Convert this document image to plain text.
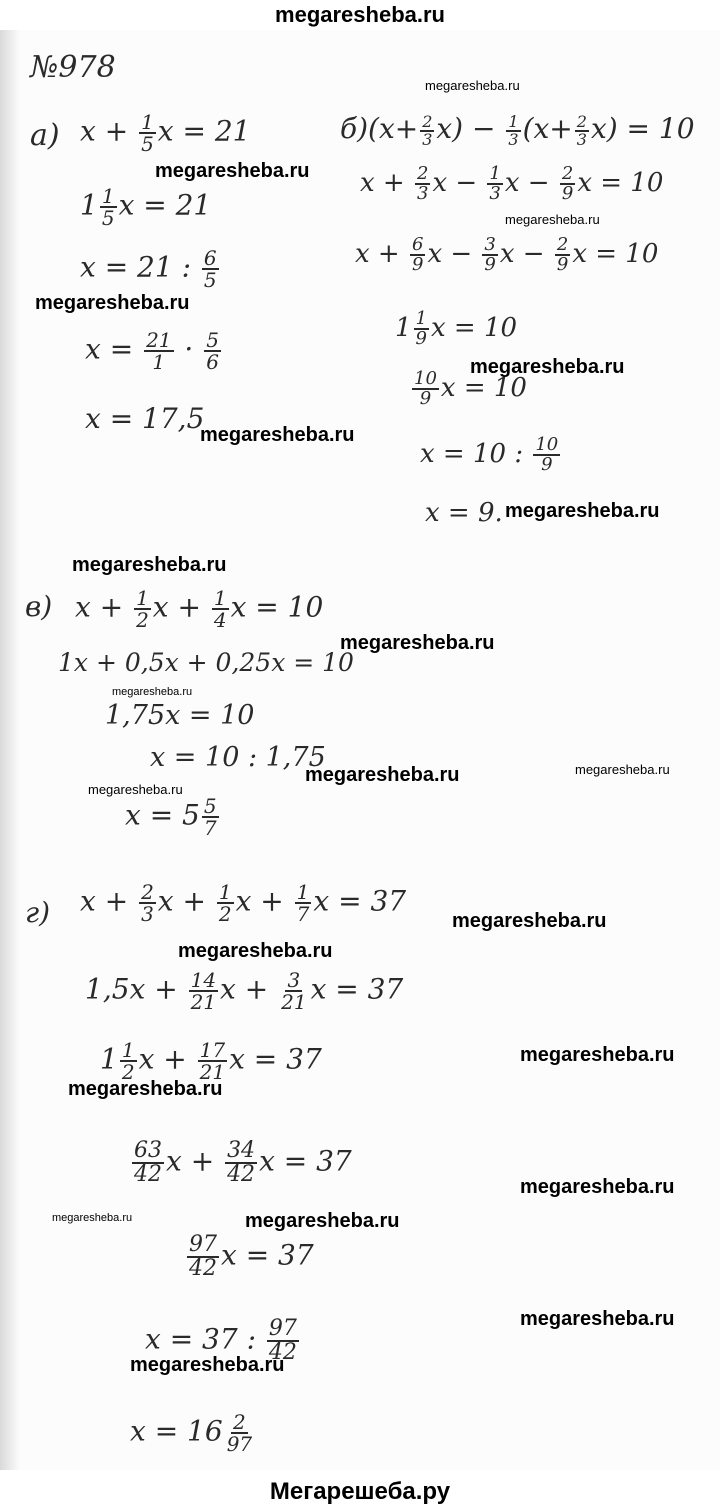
megaresheba.ru
№978
а) $x + \frac{1}{5}$ x = 21
$1 \frac{1}{5}$ x = 21
x = 21 : $\frac{6}{5}$
$x = \frac{21}{1} \cdot \frac{5}{6}$
x = 17,5
$б)(x+ \frac{2}{3} x) - \frac{1}{3} (x+ \frac{2}{3} x) = 10$
$x + \frac{2}{3}$ $x - \frac{1}{3}$ $x - \frac{2}{9}$ x = 10
$x + \frac{6}{9}$ $x - \frac{3}{9}$ $x - \frac{2}{9}$ x = 10
$1 \frac{1}{9}$ x = 10
$\frac{10}{9}$ x = 10
x = 10 : $\frac{10}{9}$
x = 9.
в) $x + \frac{1}{2}$ $x + \frac{1}{4}$ x = 10
1x + 0,5x + 0,25x = 10
1,75x = 10
x = 10 : 1,75
$x = 5 \frac{5}{7}$
г) $x + \frac{2}{3}$ $x + \frac{1}{2}$ $x + \frac{1}{7}$ x = 37
$1,5x + \frac{14}{21}$ $x + \frac{3}{21}$ x = 37
$1 \frac{1}{2}$ $x + \frac{17}{21}$ x = 37
$\frac{63}{42}$ $x + \frac{34}{42}$ x = 37
$\frac{97}{42}$ x = 37
x = 37 : $\frac{97}{42}$
$x = 16 \frac{2}{97}$
megaresheba.ru
megaresheba.ru
megaresheba.ru
megaresheba.ru
megaresheba.ru
megaresheba.ru
megaresheba.ru
megaresheba.ru
megaresheba.ru
megaresheba.ru
megaresheba.ru	megaresheba.ru
megaresheba.ru
megaresheba.ru
megaresheba.ru
megaresheba.ru
megaresheba.ru
megaresheba.ru
megaresheba.ru	megaresheba.ru
megaresheba.ru
megaresheba.ru
Мегарешеба.ру
